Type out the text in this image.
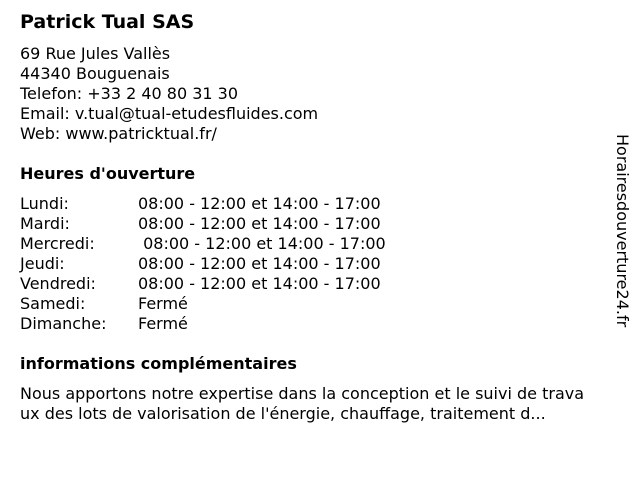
Patrick Tual SAS
69 Rue Jules Vallès
44340 Bouguenais
Telefon: +33 2 40 80 31 30
Email: v.tual@tual-etudesfluides.com
Web: www.patricktual.fr/
Heures d'ouverture
Lundi:	08:00 - 12:00 et 14:00 - 17:00
Mardi:	08:00 - 12:00 et 14:00 - 17:00
Mercredi:	08:00 - 12:00 et 14:00 - 17:00
Jeudi:	08:00 - 12:00 et 14:00 - 17:00
Vendredi:	08:00 - 12:00 et 14:00 - 17:00
Samedi:	Fermé
Dimanche: Fermé
informations complémentaires
Nous apportons notre expertise dans la conception et le suivi de trava
ux des lots de valorisation de l'énergie, chauffage, traitement d...
Horairesdouverture24.fr
